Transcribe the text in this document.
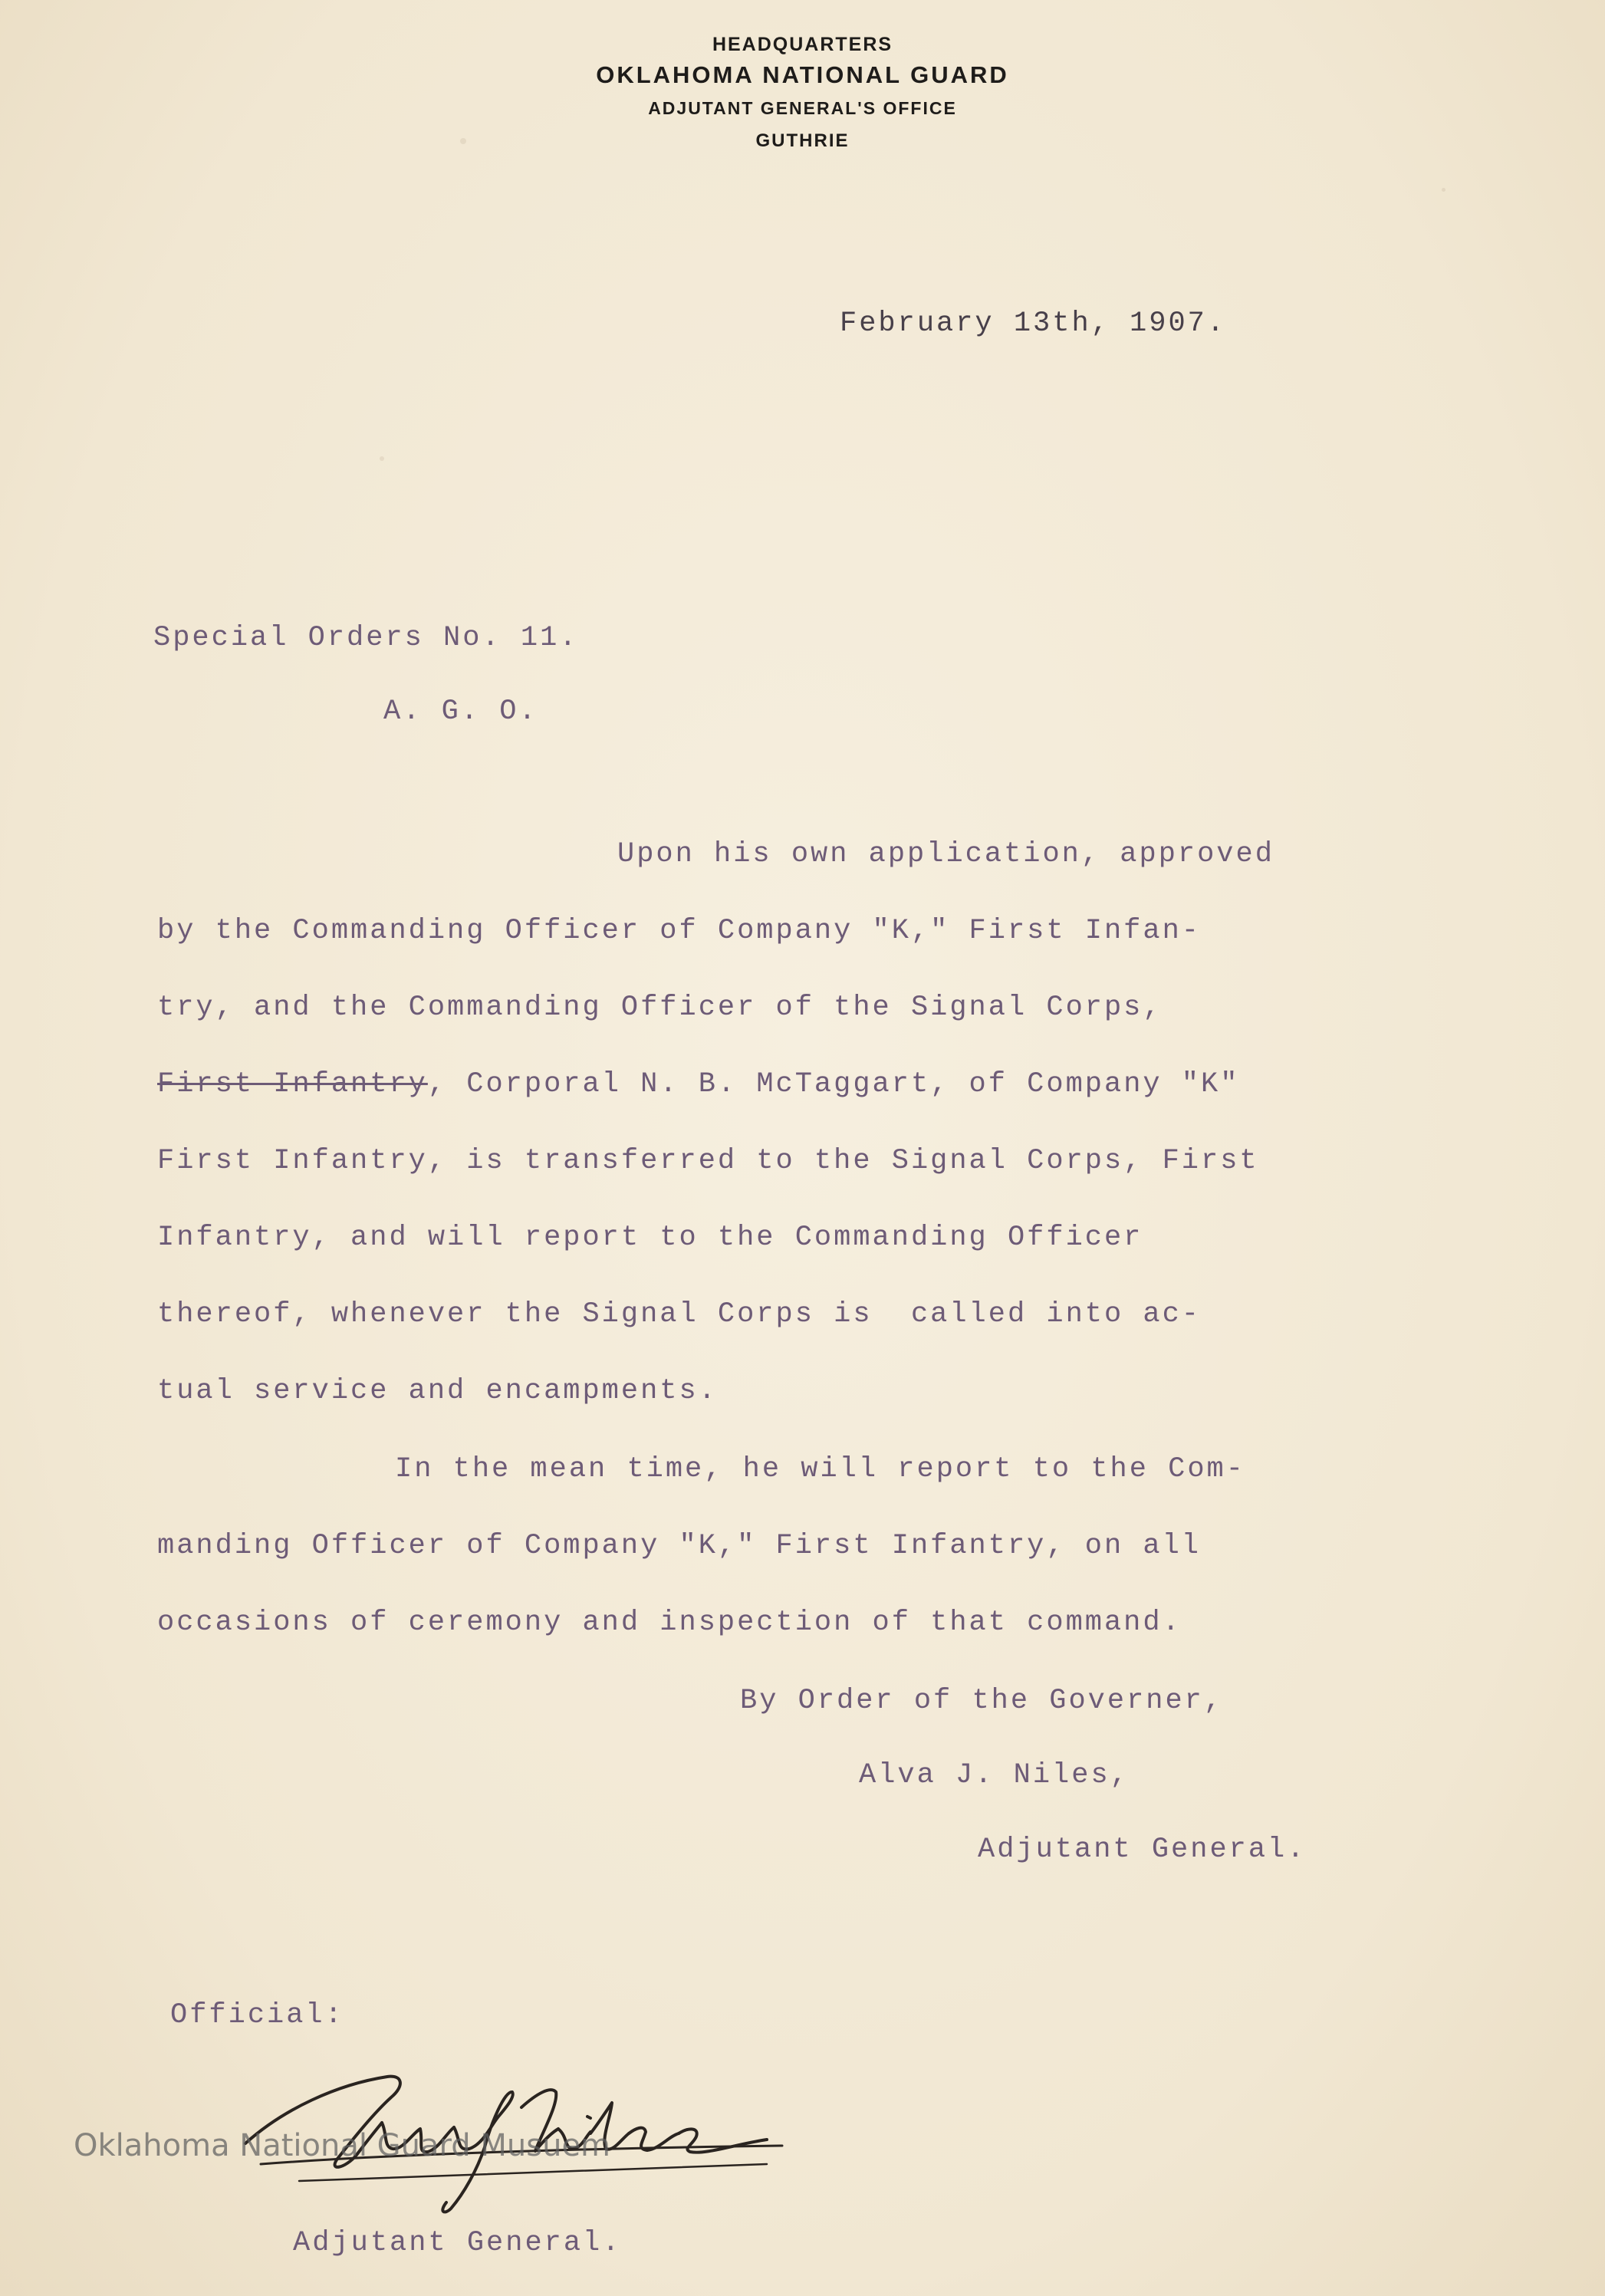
HEADQUARTERS
OKLAHOMA NATIONAL GUARD
ADJUTANT GENERAL'S OFFICE
GUTHRIE
February 13th, 1907.
Special Orders No. 11.
A. G. O.
Upon his own application, approved
by the Commanding Officer of Company "K," First Infan-
try, and the Commanding Officer of the Signal Corps,
First Infantry, Corporal N. B. McTaggart, of Company "K"
First Infantry, is transferred to the Signal Corps, First
Infantry, and will report to the Commanding Officer
thereof, whenever the Signal Corps is  called into ac-
tual service and encampments.
In the mean time, he will report to the Com-
manding Officer of Company "K," First Infantry, on all
occasions of ceremony and inspection of that command.
By Order of the Governer,
Alva J. Niles,
Adjutant General.
Official:
Oklahoma National Guard Musuem
Adjutant General.
